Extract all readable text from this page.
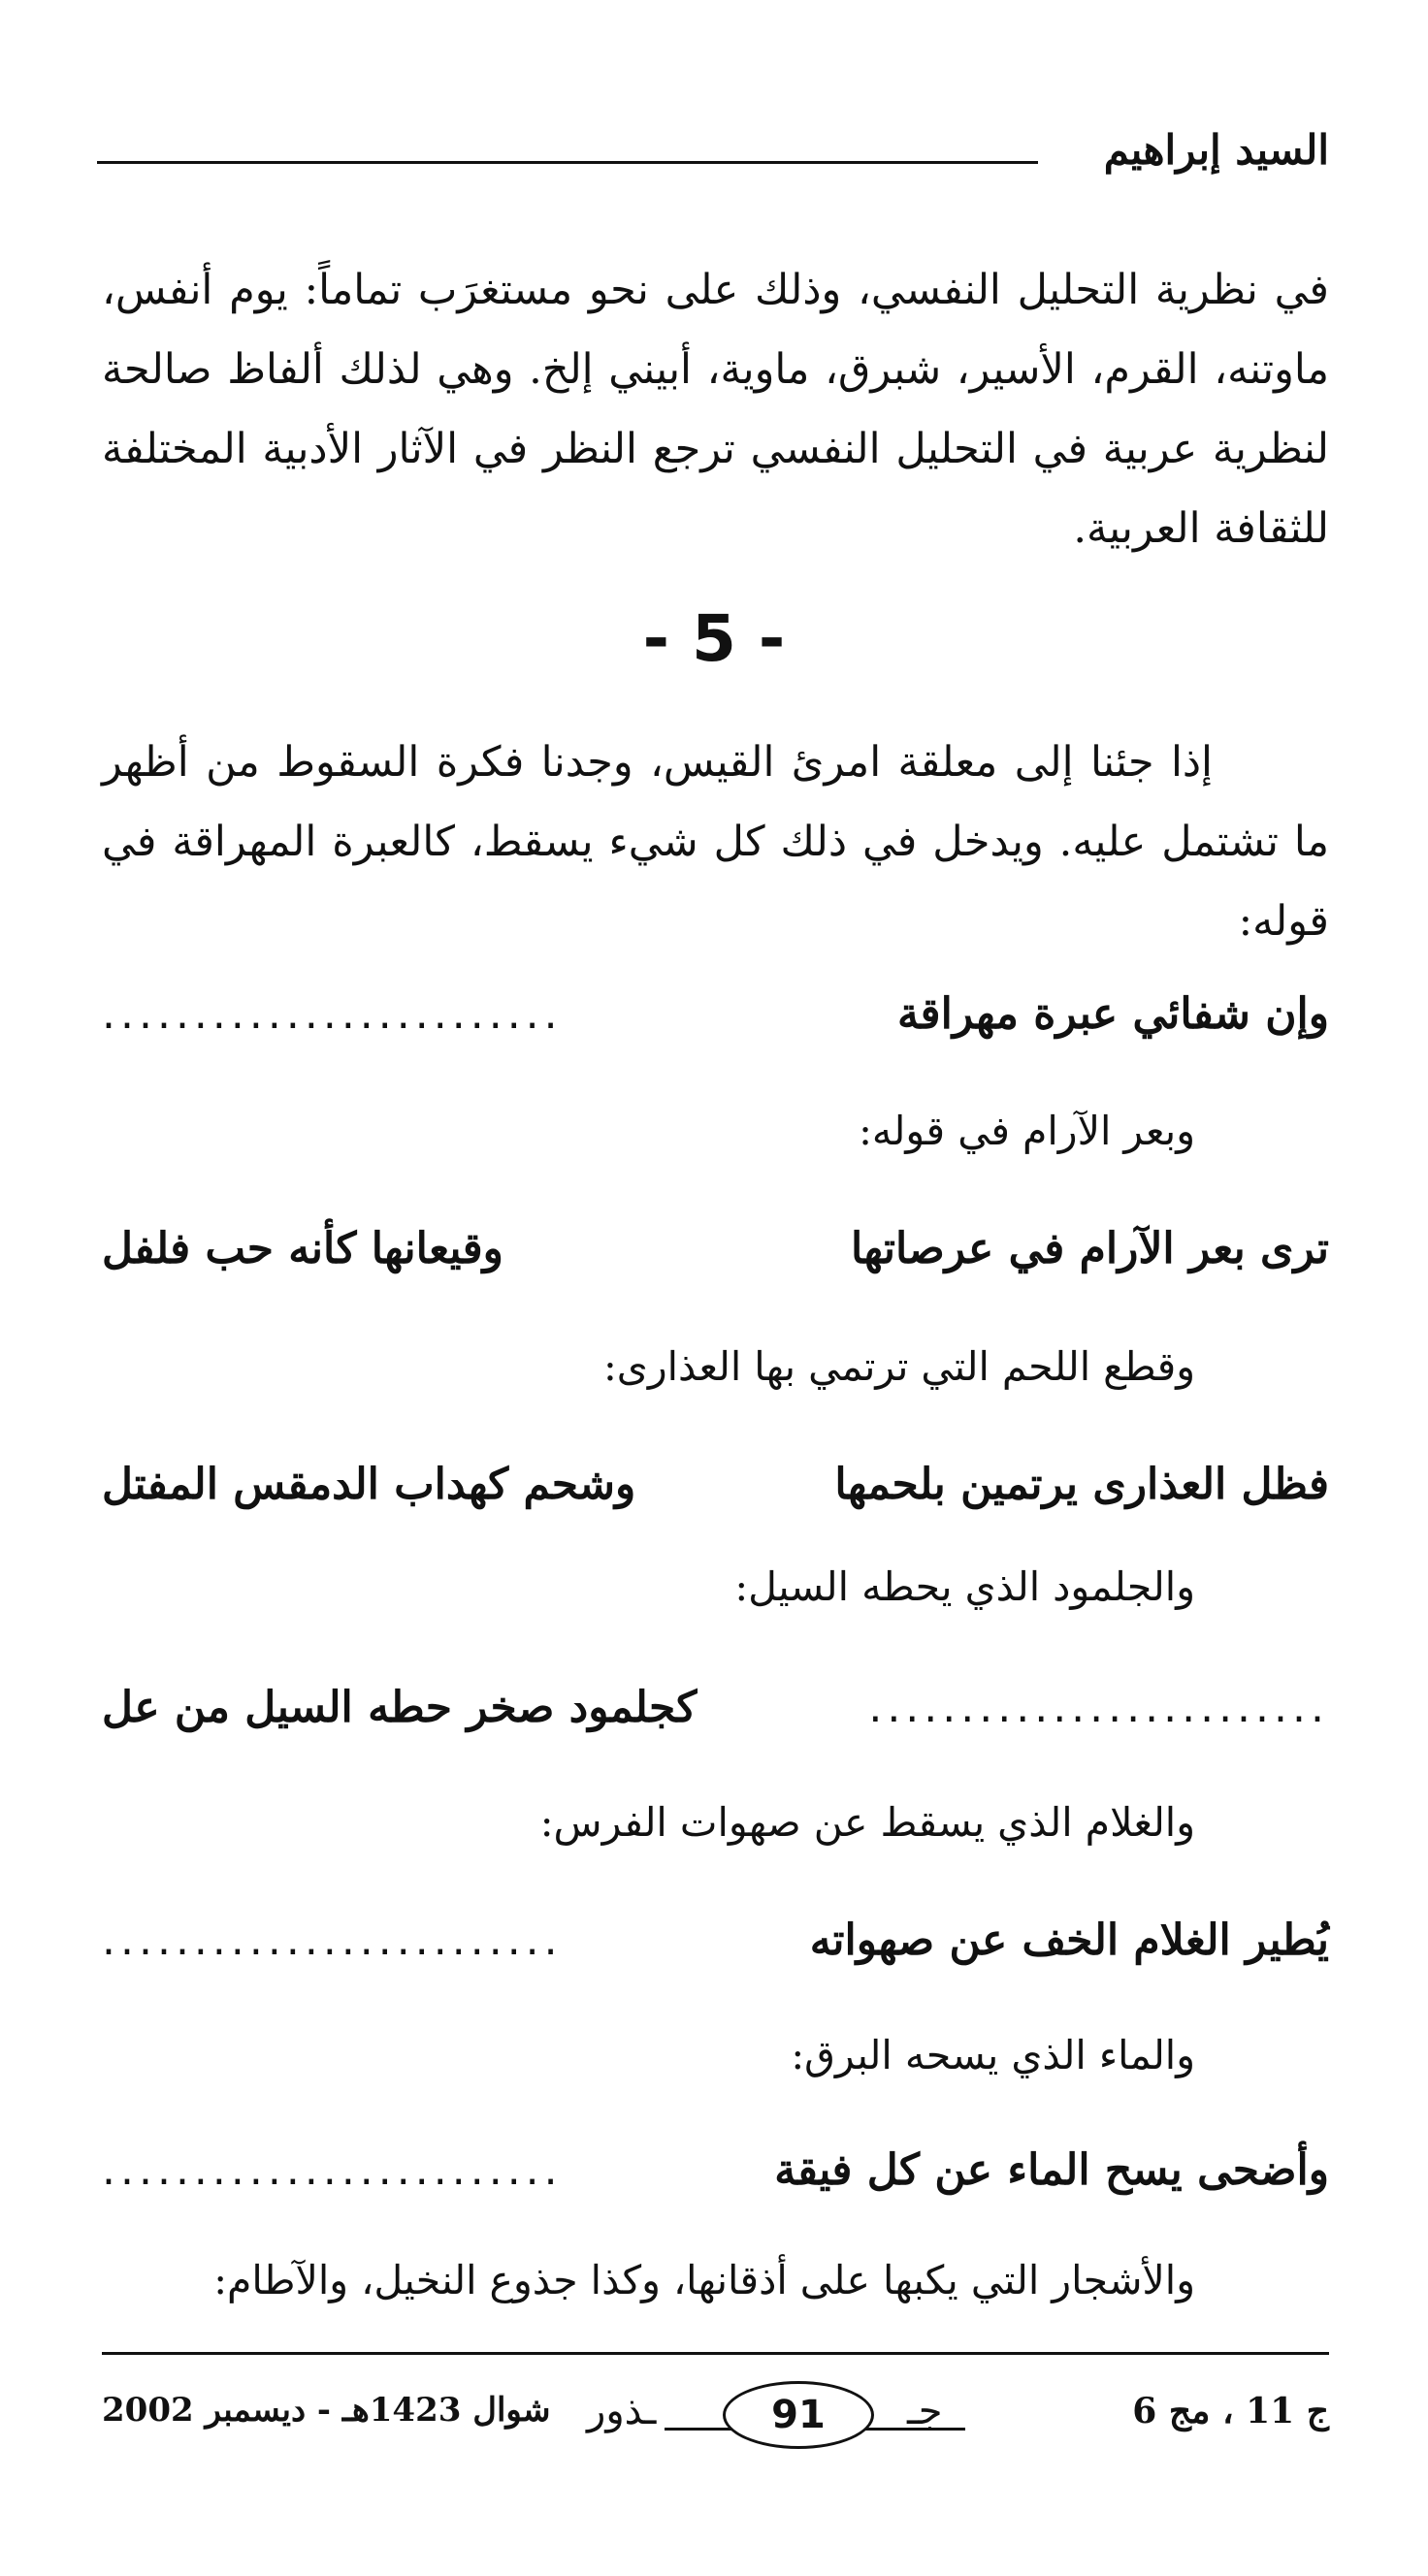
السيد إبراهيم
في نظرية التحليل النفسي، وذلك على نحو مستغرَب تماماً: يوم أنفس، ماوتنه، القرم، الأسير، شبرق، ماوية، أبيني إلخ. وهي لذلك ألفاظ صالحة لنظرية عربية في التحليل النفسي ترجع النظر في الآثار الأدبية المختلفة للثقافة العربية.
- 5 -
إذا جئنا إلى معلقة امرئ القيس، وجدنا فكرة السقوط من أظهر ما تشتمل عليه. ويدخل في ذلك كل شيء يسقط، كالعبرة المهراقة في قوله:
وإن شفائي عبرة مهراقة
.........................
وبعر الآرام في قوله:
ترى بعر الآرام في عرصاتها
وقيعانها كأنه حب فلفل
وقطع اللحم التي ترتمي بها العذارى:
فظل العذارى يرتمين بلحمها
وشحم كهداب الدمقس المفتل
والجلمود الذي يحطه السيل:
.........................
كجلمود صخر حطه السيل من عل
والغلام الذي يسقط عن صهوات الفرس:
يُطير الغلام الخف عن صهواته
.........................
والماء الذي يسحه البرق:
وأضحى يسح الماء عن كل فيقة
.........................
والأشجار التي يكبها على أذقانها، وكذا جذوع النخيل، والآطام:
ج 11 ، مج 6
ـذور	جـ
91
شوال 1423هـ - ديسمبر 2002
